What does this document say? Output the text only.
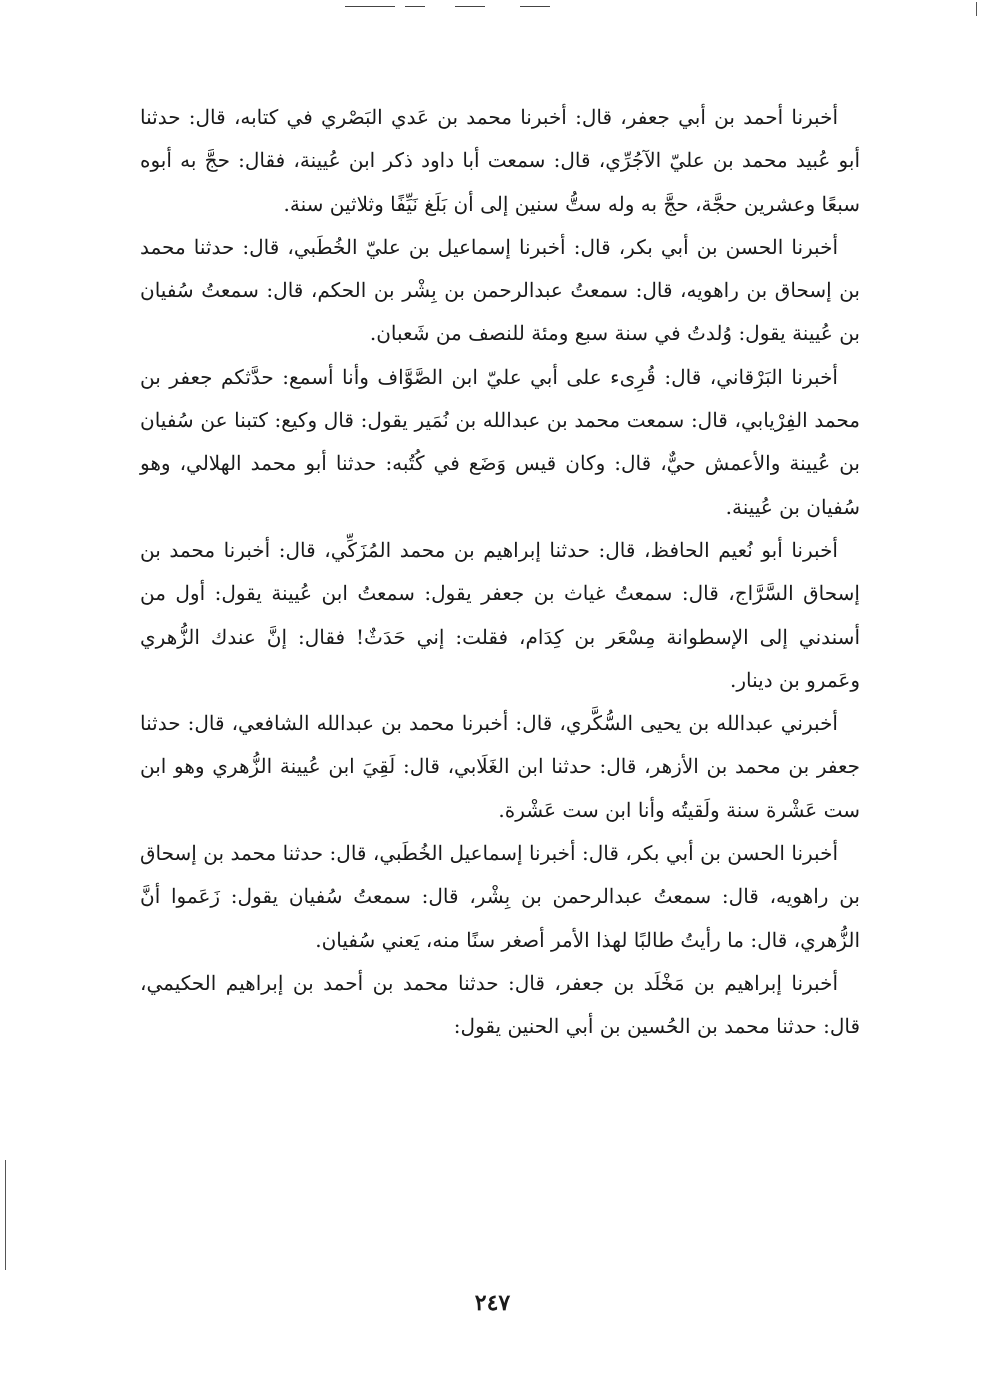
أخبرنا أحمد بن أبي جعفر، قال: أخبرنا محمد بن عَدي البَصْري في كتابه، قال: حدثنا أبو عُبيد محمد بن عليّ الآجُرِّي، قال: سمعت أبا داود ذكر ابن عُيينة، فقال: حجَّ به أبوه سبعًا وعشرين حجَّة، حجَّ به وله ستُّ سنين إلى أن بَلَغ نَيِّفًا وثلاثين سنة.

أخبرنا الحسن بن أبي بكر، قال: أخبرنا إسماعيل بن عليّ الخُطَبي، قال: حدثنا محمد بن إسحاق بن راهويه، قال: سمعتُ عبدالرحمن بن بِشْر بن الحكم، قال: سمعتُ سُفيان بن عُيينة يقول: وُلدتُ في سنة سبع ومئة للنصف من شَعبان.

أخبرنا البَرْقاني، قال: قُرِىء على أبي عليّ ابن الصَّوَّاف وأنا أسمع: حدَّثكم جعفر بن محمد الفِرْيابي، قال: سمعت محمد بن عبدالله بن نُمَير يقول: قال وكيع: كتبنا عن سُفيان بن عُيينة والأعمش حيٌّ، قال: وكان قيس وَضَع في كُتُبه: حدثنا أبو محمد الهلالي، وهو سُفيان بن عُيينة.

أخبرنا أبو نُعيم الحافظ، قال: حدثنا إبراهيم بن محمد المُزَكِّي، قال: أخبرنا محمد بن إسحاق السَّرَّاج، قال: سمعتُ غياث بن جعفر يقول: سمعتُ ابن عُيينة يقول: أول من أسندني إلى الإسطوانة مِسْعَر بن كِدَام، فقلت: إني حَدَثٌ! فقال: إنَّ عندك الزُّهري وعَمرو بن دينار.

أخبرني عبدالله بن يحيى السُّكَّري، قال: أخبرنا محمد بن عبدالله الشافعي، قال: حدثنا جعفر بن محمد بن الأزهر، قال: حدثنا ابن الغَلَابي، قال: لَقِيَ ابن عُيينة الزُّهري وهو ابن ست عَشْرة سنة ولَقيتُه وأنا ابن ست عَشْرة.

أخبرنا الحسن بن أبي بكر، قال: أخبرنا إسماعيل الخُطَبي، قال: حدثنا محمد بن إسحاق بن راهويه، قال: سمعتُ عبدالرحمن بن بِشْر، قال: سمعتُ سُفيان يقول: زَعَموا أنَّ الزُّهري، قال: ما رأيتُ طالبًا لهذا الأمر أصغر سنًا منه، يَعني سُفيان.

أخبرنا إبراهيم بن مَخْلَد بن جعفر، قال: حدثنا محمد بن أحمد بن إبراهيم الحكيمي، قال: حدثنا محمد بن الحُسين بن أبي الحنين يقول:

٢٤٧
